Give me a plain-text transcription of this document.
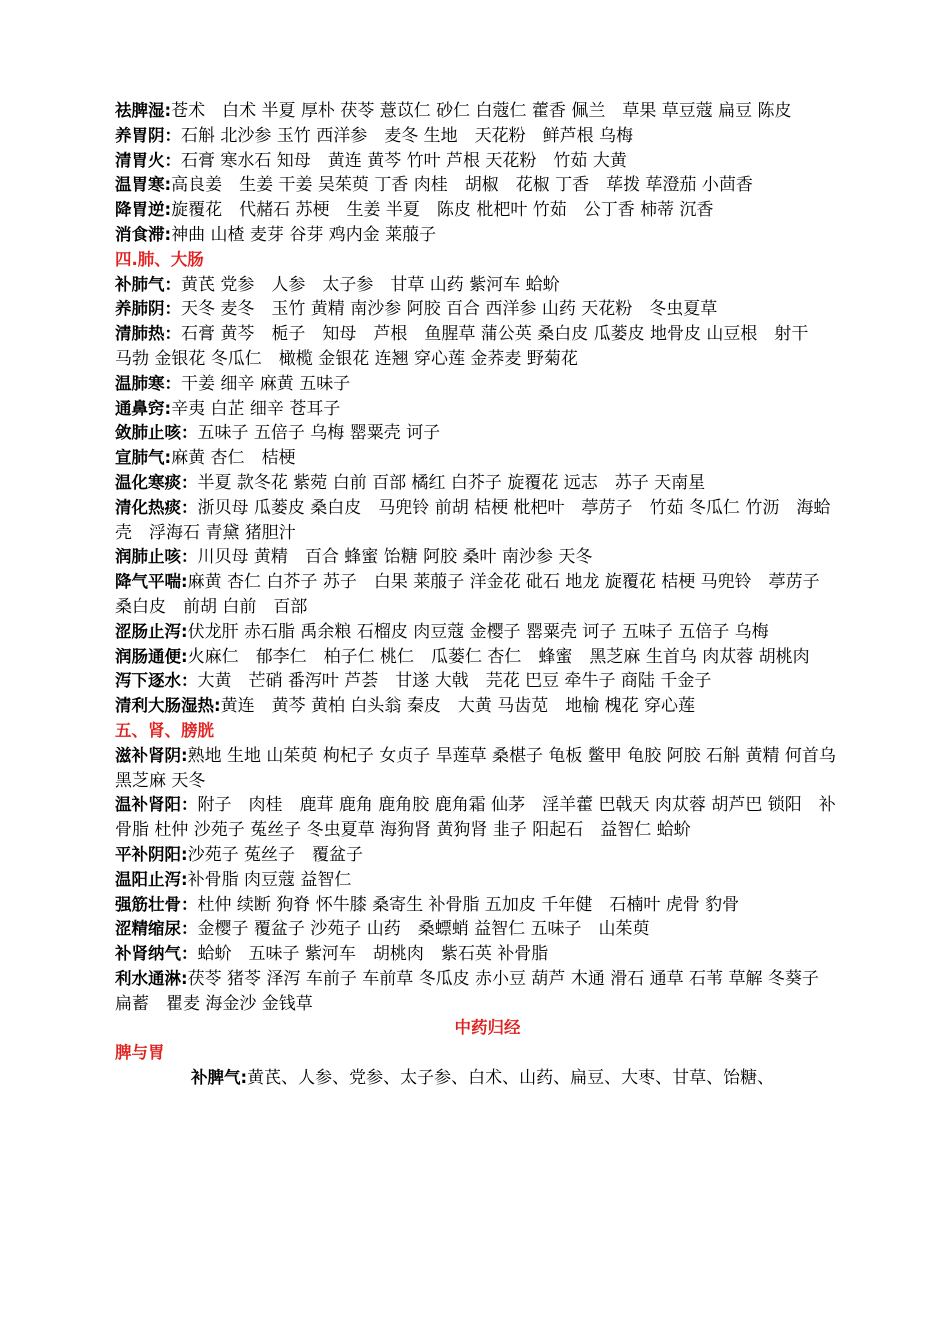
祛脾湿:苍术　白术 半夏 厚朴 茯苓 薏苡仁 砂仁 白蔻仁 藿香 佩兰　草果 草豆蔻 扁豆 陈皮

养胃阴：石斛 北沙参 玉竹 西洋参　麦冬 生地　天花粉　鲜芦根 乌梅

清胃火：石膏 寒水石 知母　黄连 黄芩 竹叶 芦根 天花粉　竹茹 大黄

温胃寒:高良姜　生姜 干姜 吴茱萸 丁香 肉桂　胡椒　花椒 丁香　荜拨 荜澄茄 小茴香

降胃逆:旋覆花　代赭石 苏梗　生姜 半夏　陈皮 枇杷叶 竹茹　公丁香 柿蒂 沉香

消食滞:神曲 山楂 麦芽 谷芽 鸡内金 莱菔子

四.肺、大肠

补肺气：黄芪 党参　人参　太子参　甘草 山药 紫河车 蛤蚧

养肺阴：天冬 麦冬　玉竹 黄精 南沙参 阿胶 百合 西洋参 山药 天花粉　冬虫夏草

清肺热：石膏 黄芩　栀子　知母　芦根　鱼腥草 蒲公英 桑白皮 瓜蒌皮 地骨皮 山豆根　射干　马勃 金银花 冬瓜仁　橄榄 金银花 连翘 穿心莲 金荞麦 野菊花

温肺寒：干姜 细辛 麻黄 五味子

通鼻窍:辛夷 白芷 细辛 苍耳子

敛肺止咳：五味子 五倍子 乌梅 罂粟壳 诃子

宣肺气:麻黄 杏仁　桔梗

温化寒痰：半夏 款冬花 紫菀 白前 百部 橘红 白芥子 旋覆花 远志　苏子 天南星

清化热痰：浙贝母 瓜蒌皮 桑白皮　马兜铃 前胡 桔梗 枇杷叶　葶苈子　竹茹 冬瓜仁 竹沥　海蛤壳　浮海石 青黛 猪胆汁

润肺止咳：川贝母 黄精　百合 蜂蜜 饴糖 阿胶 桑叶 南沙参 天冬

降气平喘:麻黄 杏仁 白芥子 苏子　白果 莱菔子 洋金花 砒石 地龙 旋覆花 桔梗 马兜铃　葶苈子 桑白皮　前胡 白前　百部

涩肠止泻:伏龙肝 赤石脂 禹余粮 石榴皮 肉豆蔻 金樱子 罂粟壳 诃子 五味子 五倍子 乌梅

润肠通便:火麻仁　郁李仁　柏子仁 桃仁　瓜蒌仁 杏仁　蜂蜜　黑芝麻 生首乌 肉苁蓉 胡桃肉

泻下逐水：大黄　芒硝 番泻叶 芦荟　甘遂 大戟　芫花 巴豆 牵牛子 商陆 千金子

清利大肠湿热:黄连　黄芩 黄柏 白头翁 秦皮　大黄 马齿苋　地榆 槐花 穿心莲

五、肾、膀胱

滋补肾阴:熟地 生地 山茱萸 枸杞子 女贞子 旱莲草 桑椹子 龟板 鳖甲 龟胶 阿胶 石斛 黄精 何首乌 黑芝麻 天冬

温补肾阳：附子　肉桂　鹿茸 鹿角 鹿角胶 鹿角霜 仙茅　淫羊藿 巴戟天 肉苁蓉 胡芦巴 锁阳　补骨脂 杜仲 沙苑子 菟丝子 冬虫夏草 海狗肾 黄狗肾 韭子 阳起石　益智仁 蛤蚧

平补阴阳:沙苑子 菟丝子　覆盆子

温阳止泻:补骨脂 肉豆蔻 益智仁

强筋壮骨：杜仲 续断 狗脊 怀牛膝 桑寄生 补骨脂 五加皮 千年健　石楠叶 虎骨 豹骨

涩精缩尿：金樱子 覆盆子 沙苑子 山药　桑螵蛸 益智仁 五味子　山茱萸

补肾纳气：蛤蚧　五味子 紫河车　胡桃肉　紫石英 补骨脂

利水通淋:茯苓 猪苓 泽泻 车前子 车前草 冬瓜皮 赤小豆 葫芦 木通 滑石 通草 石苇 草解 冬葵子 扁蓄　瞿麦 海金沙 金钱草

中药归经

脾与胃

补脾气:黄芪、人参、党参、太子参、白术、山药、扁豆、大枣、甘草、饴糖、
